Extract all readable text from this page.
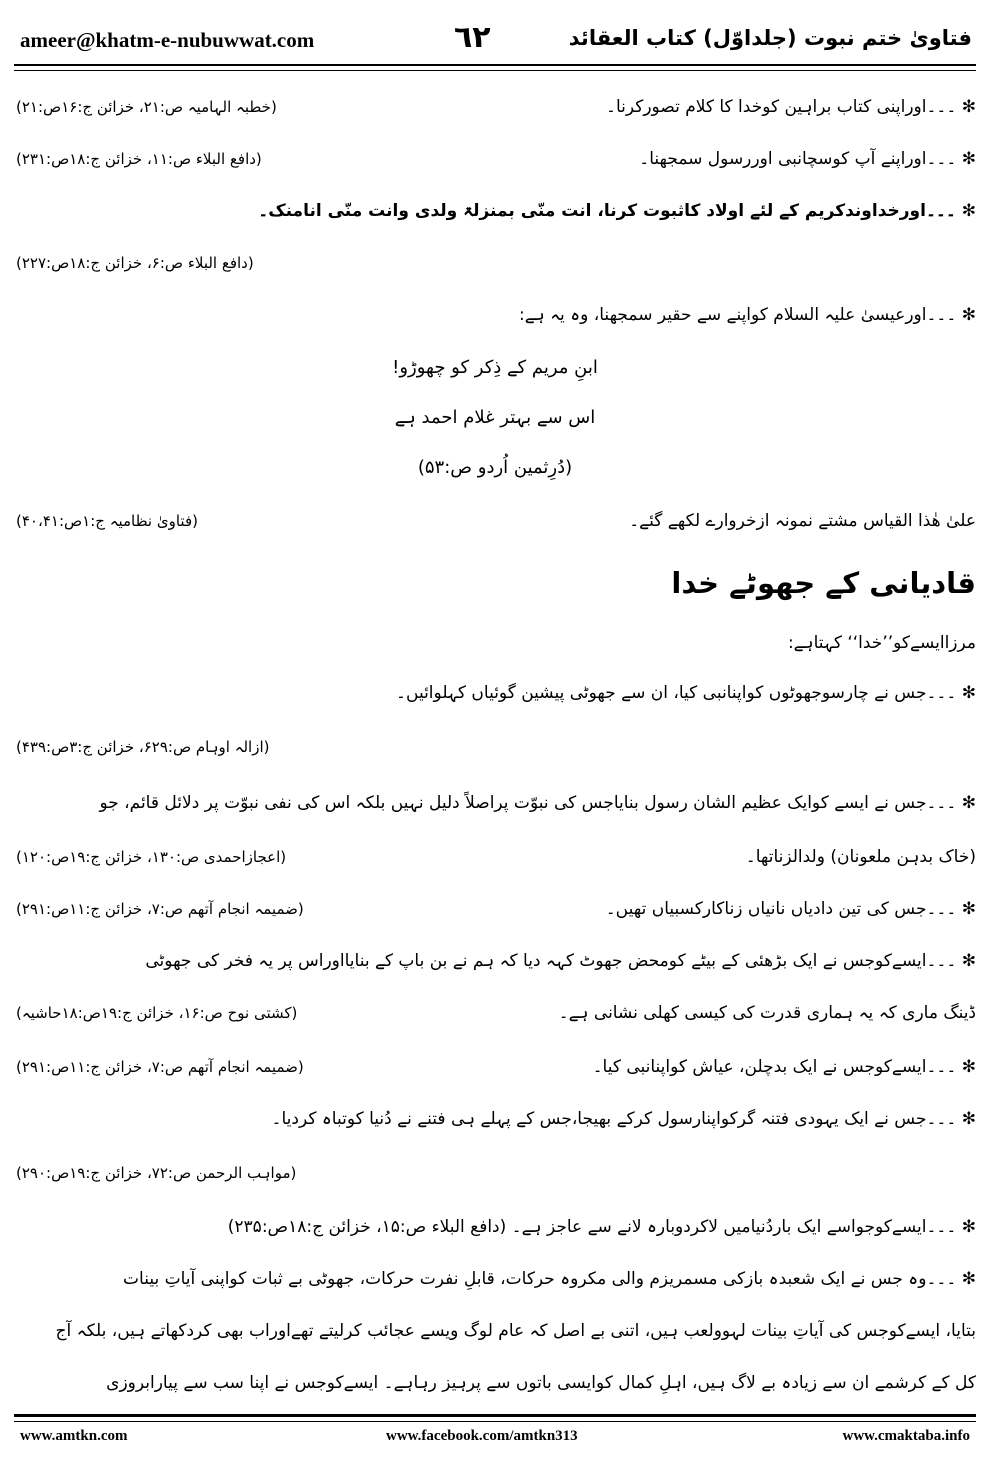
ameer@khatm-e-nubuwwat.com	٦٢	فتاویٰ ختم نبوت (جلداوّل) کتاب العقائد
✻ ۔۔۔اوراپنی کتاب براہین کوخدا کا کلام تصورکرنا۔
(خطبہ الہامیہ ص:۲۱، خزائن ج:۱۶ص:۲۱)
✻ ۔۔۔اوراپنے آپ کوسچانبی اوررسول سمجھنا۔
(دافع البلاء ص:۱۱، خزائن ج:۱۸ص:۲۳۱)
✻ ۔۔۔اورخداوندکریم کے لئے اولاد کاثبوت کرنا، انت منّی بمنزلۃ ولدی وانت منّی انامنک۔
(دافع البلاء ص:۶، خزائن ج:۱۸ص:۲۲۷)
✻ ۔۔۔اورعیسیٰ علیہ السلام کواپنے سے حقیر سمجھنا، وہ یہ ہے:
ابنِ مریم کے ذِکر کو چھوڑو!
اس سے بہتر غلام احمد ہے
(دُرِثمین اُردو ص:۵۳)
علیٰ ھٰذا القیاس مشتے نمونہ ازخروارے لکھے گئے۔
(فتاویٰ نظامیہ ج:۱ص:۴۰،۴۱)
قادیانی کے جھوٹے خدا
مرزاایسےکو’’خدا‘‘ کہتاہے:
✻ ۔۔۔جس نے چارسوجھوٹوں کواپنانبی کیا، ان سے جھوٹی پیشین گوئیاں کہلوائیں۔
(ازالہ اوہام ص:۶۲۹، خزائن ج:۳ص:۴۳۹)
✻ ۔۔۔جس نے ایسے کوایک عظیم الشان رسول بنایاجس کی نبوّت پراصلاً دلیل نہیں بلکہ اس کی نفی نبوّت پر دلائل قائم، جو
(خاک بدہن ملعونان) ولدالزناتھا۔
(اعجازاحمدی ص:۱۳۰، خزائن ج:۱۹ص:۱۲۰)
✻ ۔۔۔جس کی تین دادیاں نانیاں زناکارکسبیاں تھیں۔
(ضمیمہ انجام آتھم ص:۷، خزائن ج:۱۱ص:۲۹۱)
✻ ۔۔۔ایسےکوجس نے ایک بڑھئی کے بیٹے کومحض جھوٹ کہہ دیا کہ ہم نے بن باپ کے بنایااوراس پر یہ فخر کی جھوٹی
ڈینگ ماری کہ یہ ہماری قدرت کی کیسی کھلی نشانی ہے۔
(کشتی نوح ص:۱۶، خزائن ج:۱۹ص:۱۸حاشیہ)
✻ ۔۔۔ایسےکوجس نے ایک بدچلن، عیاش کواپنانبی کیا۔
(ضمیمہ انجام آتھم ص:۷، خزائن ج:۱۱ص:۲۹۱)
✻ ۔۔۔جس نے ایک یہودی فتنہ گرکواپنارسول کرکے بھیجا،جس کے پہلے ہی فتنے نے دُنیا کوتباہ کردیا۔
(مواہب الرحمن ص:۷۲، خزائن ج:۱۹ص:۲۹۰)
✻ ۔۔۔ایسےکوجواسے ایک باردُنیامیں لاکردوبارہ لانے سے عاجز ہے۔ (دافع البلاء ص:۱۵، خزائن ج:۱۸ص:۲۳۵)
✻ ۔۔۔وہ جس نے ایک شعبدہ بازکی مسمریزم والی مکروہ حرکات، قابلِ نفرت حرکات، جھوٹی بے ثبات کواپنی آیاتِ بینات
بتایا، ایسےکوجس کی آیاتِ بینات لہوولعب ہیں، اتنی بے اصل کہ عام لوگ ویسے عجائب کرلیتے تھےاوراب بھی کردکھاتے ہیں، بلکہ آج
کل کے کرشمے ان سے زیادہ بے لاگ ہیں، اہلِ کمال کوایسی باتوں سے پرہیز رہاہے۔ ایسےکوجس نے اپنا سب سے پیارابروزی
www.amtkn.com	www.facebook.com/amtkn313	www.cmaktaba.info
